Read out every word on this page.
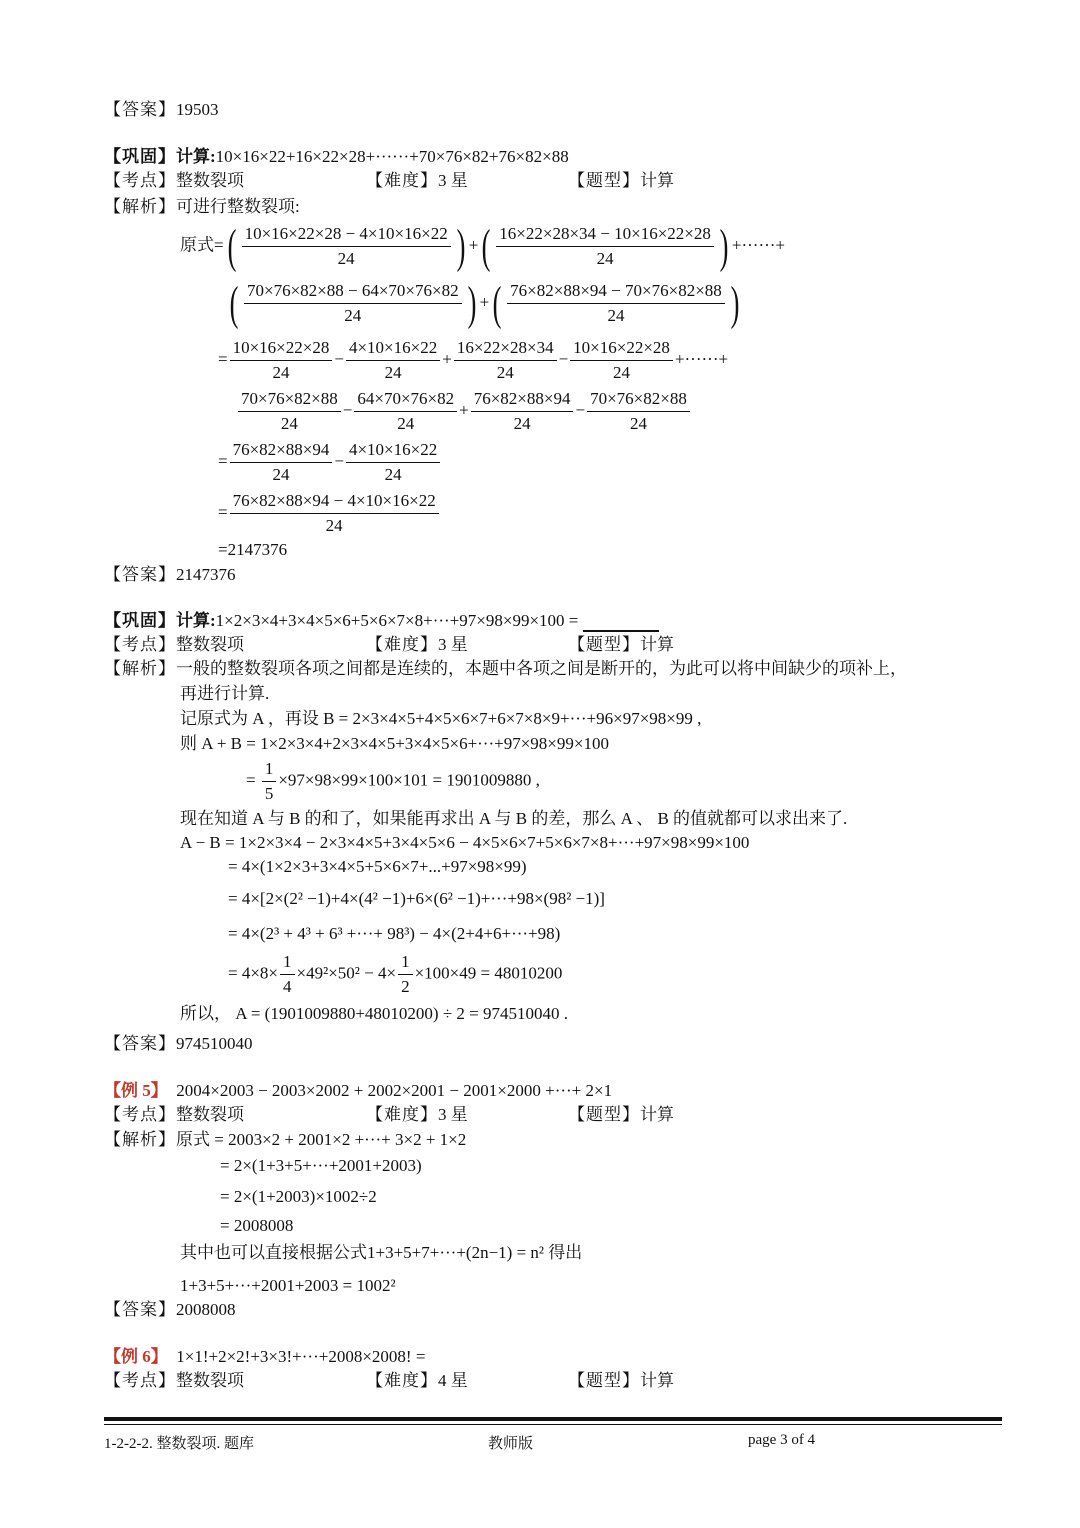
【答案】19503
【巩固】计算:10×16×22+16×22×28+······+70×76×82+76×82×88
【考点】整数裂项	【难度】3 星	【题型】计算
【解析】可进行整数裂项:
原式=( $\frac{10\times 16\times 22\times 28 - 4\times 10\times 16\times 22}{24}$ ) +( $\frac{16\times 22\times 28\times 34 - 10\times 16\times 22\times 28}{24}$ ) +······+
( $\frac{70\times 76\times 82\times 88 - 64\times 70\times 76\times 82}{24}$ ) +( $\frac{76\times 82\times 88\times 94 - 70\times 76\times 82\times 88}{24}$ )
= $\frac{10\times 16\times 22\times 28}{24} - \frac{4\times 10\times 16\times 22}{24} + \frac{16\times 22\times 28\times 34}{24} - \frac{10\times 16\times 22\times 28}{24}$ +······+
$\frac{70\times 76\times 82\times 88}{24} - \frac{64\times 70\times 76\times 82}{24} + \frac{76\times 82\times 88\times 94}{24} - \frac{70\times 76\times 82\times 88}{24}$
= $\frac{76\times 82\times 88\times 94}{24} - \frac{4\times 10\times 16\times 22}{24}$
= $\frac{76\times 82\times 88\times 94 - 4\times 10\times 16\times 22}{24}$
=2147376
【答案】2147376
【巩固】计算:1×2×3×4+3×4×5×6+5×6×7×8+···+97×98×99×100 =
【考点】整数裂项	【难度】3 星	【题型】计算
【解析】一般的整数裂项各项之间都是连续的，本题中各项之间是断开的，为此可以将中间缺少的项补上，
再进行计算.
记原式为 A ，再设 B = 2×3×4×5+4×5×6×7+6×7×8×9+···+96×97×98×99 ,
则 A + B = 1×2×3×4+2×3×4×5+3×4×5×6+···+97×98×99×100
= $\frac{1}{5} \times 97\times 98\times 99\times 100\times 101 = 1901009880$ ,
现在知道 A 与 B 的和了，如果能再求出 A 与 B 的差，那么 A 、 B 的值就都可以求出来了.
A − B = 1×2×3×4 − 2×3×4×5+3×4×5×6 − 4×5×6×7+5×6×7×8+···+97×98×99×100
= 4×(1×2×3+3×4×5+5×6×7+...+97×98×99)
= 4×[2×(2² −1)+4×(4² −1)+6×(6² −1)+···+98×(98² −1)]
= 4×(2³ + 4³ + 6³ +···+ 98³) − 4×(2+4+6+···+98)
= $4\times 8\times \frac{1}{4} \times 49^2\times 50^2 - 4\times \frac{1}{2} \times 100\times 49 = 48010200$
所以， A = (1901009880+48010200) ÷ 2 = 974510040 .
【答案】974510040
【例 5】 2004×2003 − 2003×2002 + 2002×2001 − 2001×2000 +···+ 2×1
【考点】整数裂项	【难度】3 星	【题型】计算
【解析】原式 = 2003×2 + 2001×2 +···+ 3×2 + 1×2
= 2×(1+3+5+···+2001+2003)
= 2×(1+2003)×1002÷2
= 2008008
其中也可以直接根据公式1+3+5+7+···+(2n−1) = n² 得出
1+3+5+···+2001+2003 = 1002²
【答案】2008008
【例 6】 1×1!+2×2!+3×3!+···+2008×2008! =
【考点】整数裂项	【难度】4 星	【题型】计算
1-2-2-2. 整数裂项. 题库	教师版	page 3 of 4
